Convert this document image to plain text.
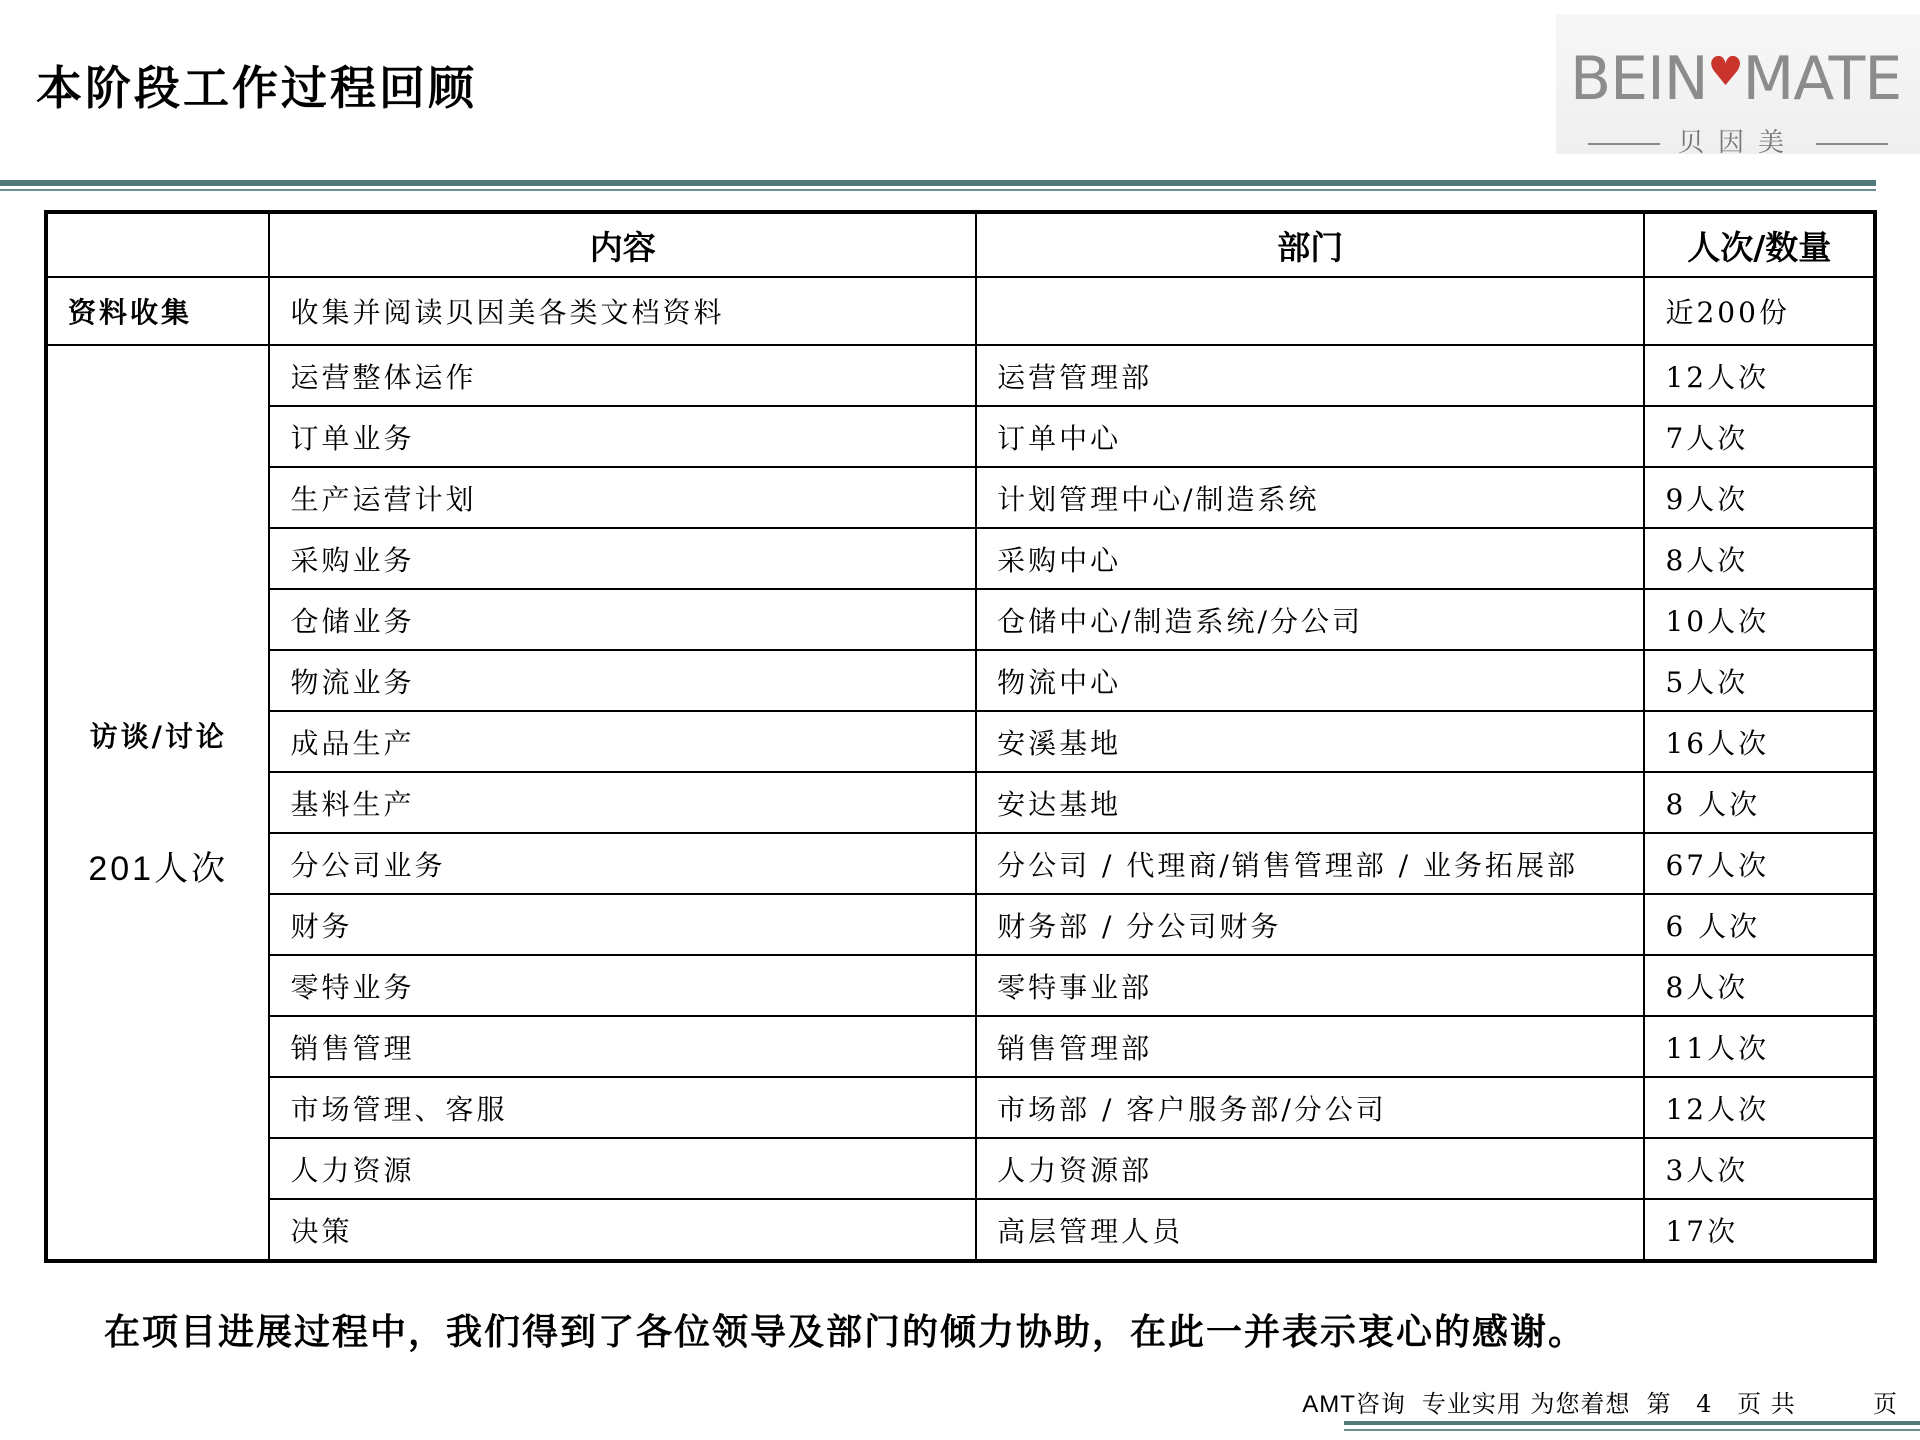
本阶段工作过程回顾	BEIN♥MATE
贝因美
	内容	部门	人次/数量
资料收集	收集并阅读贝因美各类文档资料		近200份

访谈/讨论
201人次	运营整体运作	运营管理部	12人次
	订单业务	订单中心	7人次
	生产运营计划	计划管理中心/制造系统	9人次
	采购业务	采购中心	8人次
	仓储业务	仓储中心/制造系统/分公司	10人次
	物流业务	物流中心	5人次
	成品生产	安溪基地	16人次
	基料生产	安达基地	8 人次
	分公司业务	分公司 / 代理商/销售管理部 / 业务拓展部	67人次
	财务	财务部 / 分公司财务	6 人次
	零特业务	零特事业部	8人次
	销售管理	销售管理部	11人次
	市场管理、客服	市场部 / 客户服务部/分公司	12人次
	人力资源	人力资源部	3人次
	决策	高层管理人员	17次
在项目进展过程中，我们得到了各位领导及部门的倾力协助，在此一并表示衷心的感谢。
AMT咨询 专业实用 为您着想 第 4 页 共	页
